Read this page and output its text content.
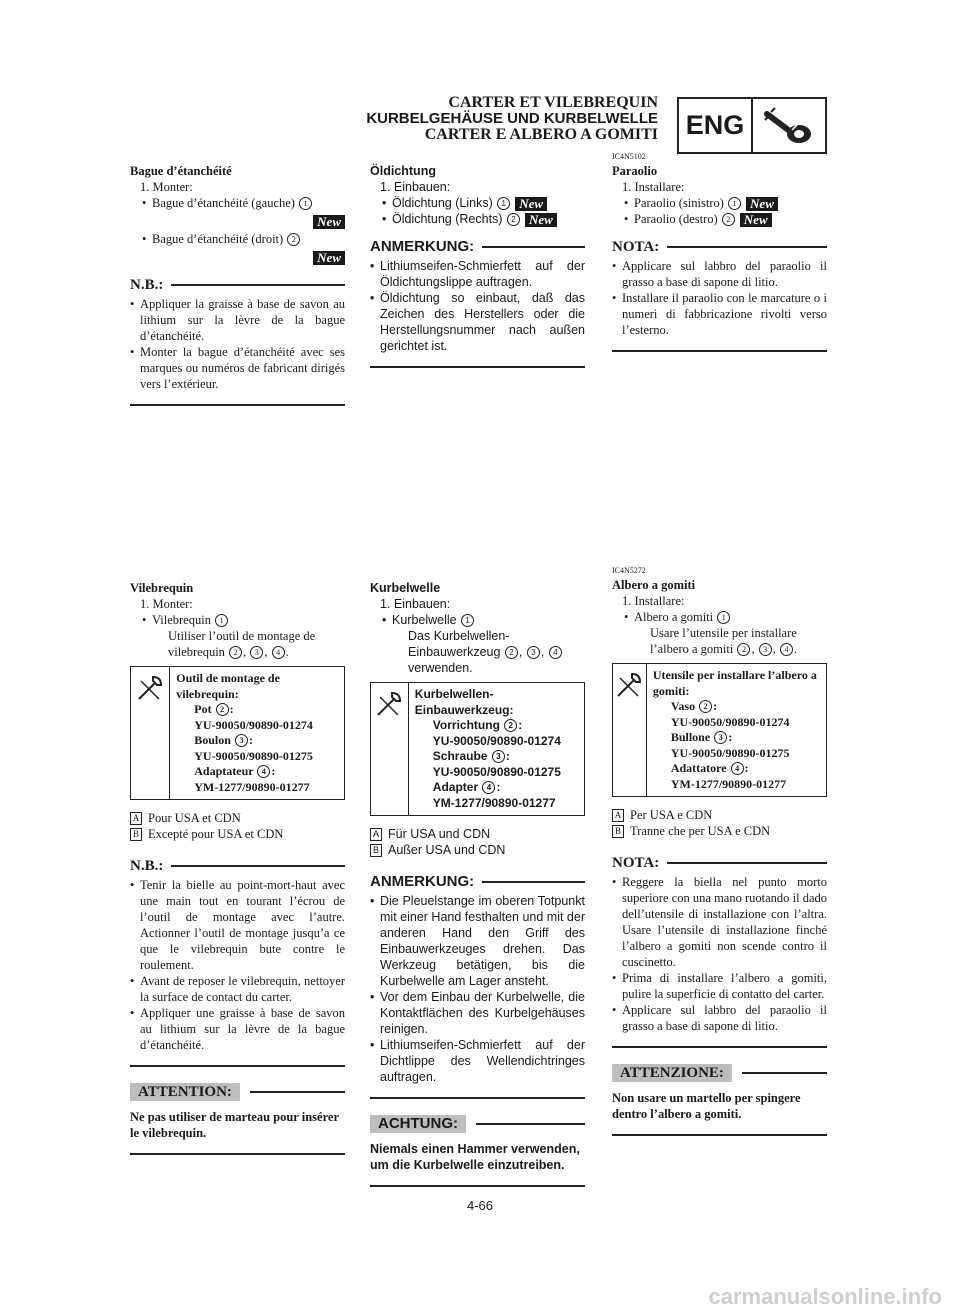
CARTER ET VILEBREQUIN
KURBELGEHÄUSE UND KURBELWELLE
CARTER E ALBERO A GOMITI ENG
Bague d’étanchéité
1. Monter:
• Bague d’étanchéité (gauche) 1
New
• Bague d’étanchéité (droit) 2
New
N.B.:
• Appliquer la graisse à base de savon au lithium sur la lèvre de la bague d’étanchéité.
• Monter la bague d’étanchéité avec ses marques ou numéros de fabricant dirigés vers l’extérieur.
Öldichtung
1. Einbauen:
• Öldichtung (Links) 1 New
• Öldichtung (Rechts) 2 New
ANMERKUNG:
• Lithiumseifen-Schmierfett auf der Öldichtungslippe auftragen.
• Öldichtung so einbaut, daß das Zeichen des Herstellers oder die Herstellungsnummer nach außen gerichtet ist.
IC4N5102
Paraolio
1. Installare:
• Paraolio (sinistro) 1 New
• Paraolio (destro) 2 New
NOTA:
• Applicare sul labbro del paraolio il grasso a base di sapone di litio.
• Installare il paraolio con le marcature o i numeri di fabbricazione rivolti verso l’esterno.
Vilebrequin
1. Monter:
• Vilebrequin 1
Utiliser l’outil de montage de vilebrequin 2 , 3 , 4 .
Outil de montage de vilebrequin:
Pot 2 :
YU-90050/90890-01274
Boulon 3 :
YU-90050/90890-01275
Adaptateur 4 :
YM-1277/90890-01277
A Pour USA et CDN
B Excepté pour USA et CDN
N.B.:
• Tenir la bielle au point-mort-haut avec une main tout en tourant l’écrou de l’outil de montage avec l’autre. Actionner l’outil de montage jusqu’a ce que le vilebrequin bute contre le roulement.
• Avant de reposer le vilebrequin, nettoyer la surface de contact du carter.
• Appliquer une graisse à base de savon au lithium sur la lèvre de la bague d’étanchéité.
ATTENTION:
Ne pas utiliser de marteau pour insérer le vilebrequin.
Kurbelwelle
1. Einbauen:
• Kurbelwelle 1
Das Kurbelwellen-Einbauwerkzeug 2 , 3 , 4 verwenden.
Kurbelwellen-Einbauwerkzeug:
Vorrichtung 2 :
YU-90050/90890-01274
Schraube 3 :
YU-90050/90890-01275
Adapter 4 :
YM-1277/90890-01277
A Für USA und CDN
B Außer USA und CDN
ANMERKUNG:
• Die Pleuelstange im oberen Totpunkt mit einer Hand festhalten und mit der anderen Hand den Griff des Einbauwerkzeuges drehen. Das Werkzeug betätigen, bis die Kurbelwelle am Lager ansteht.
• Vor dem Einbau der Kurbelwelle, die Kontaktflächen des Kurbelgehäuses reinigen.
• Lithiumseifen-Schmierfett auf der Dichtlippe des Wellendichtringes auftragen.
ACHTUNG:
Niemals einen Hammer verwenden, um die Kurbelwelle einzutreiben.
IC4N5272
Albero a gomiti
1. Installare:
• Albero a gomiti 1
Usare l’utensile per installare l’albero a gomiti 2 , 3 , 4 .
Utensile per installare l’albero a gomiti:
Vaso 2 :
YU-90050/90890-01274
Bullone 3 :
YU-90050/90890-01275
Adattatore 4 :
YM-1277/90890-01277
A Per USA e CDN
B Tranne che per USA e CDN
NOTA:
• Reggere la biella nel punto morto superiore con una mano ruotando il dado dell’utensile di installazione con l’altra. Usare l’utensile di installazione finché l’albero a gomiti non scende contro il cuscinetto.
• Prima di installare l’albero a gomiti, pulire la superficie di contatto del carter.
• Applicare sul labbro del paraolio il grasso a base di sapone di litio.
ATTENZIONE:
Non usare un martello per spingere dentro l’albero a gomiti.
4-66
carmanualsonline.info
